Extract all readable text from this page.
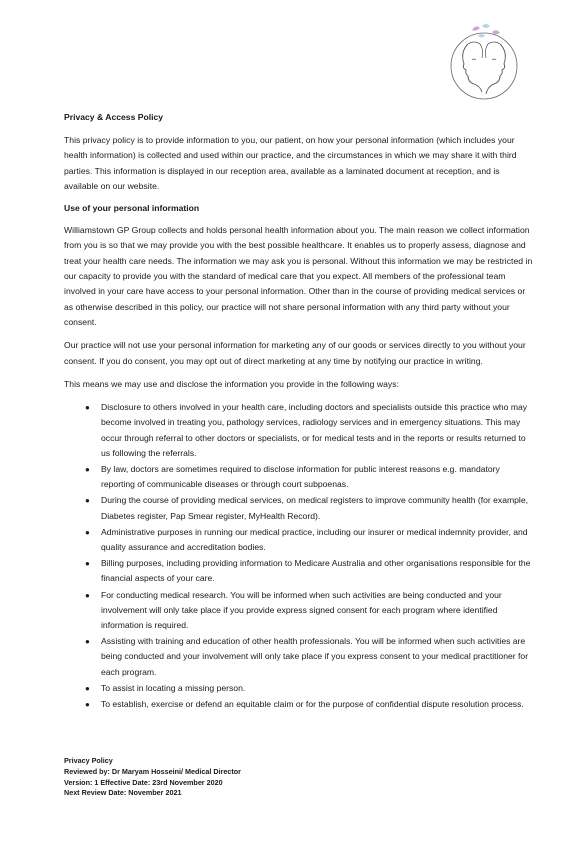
Privacy & Access Policy

This privacy policy is to provide information to you, our patient, on how your personal information (which includes your health information) is collected and used within our practice, and the circumstances in which we may share it with third parties. This information is displayed in our reception area, available as a laminated document at reception, and is available on our website.

Use of your personal information

Williamstown GP Group collects and holds personal health information about you. The main reason we collect information from you is so that we may provide you with the best possible healthcare. It enables us to properly assess, diagnose and treat your health care needs. The information we may ask you is personal. Without this information we may be restricted in our capacity to provide you with the standard of medical care that you expect. All members of the professional team involved in your care have access to your personal information. Other than in the course of providing medical services or as otherwise described in this policy, our practice will not share personal information with any third party without your consent.

Our practice will not use your personal information for marketing any of our goods or services directly to you without your consent. If you do consent, you may opt out of direct marketing at any time by notifying our practice in writing.

This means we may use and disclose the information you provide in the following ways:

● Disclosure to others involved in your health care, including doctors and specialists outside this practice who may become involved in treating you, pathology services, radiology services and in emergency situations. This may occur through referral to other doctors or specialists, or for medical tests and in the reports or results returned to us following the referrals.
● By law, doctors are sometimes required to disclose information for public interest reasons e.g. mandatory reporting of communicable diseases or through court subpoenas.
● During the course of providing medical services, on medical registers to improve community health (for example, Diabetes register, Pap Smear register, MyHealth Record).
● Administrative purposes in running our medical practice, including our insurer or medical indemnity provider, and quality assurance and accreditation bodies.
● Billing purposes, including providing information to Medicare Australia and other organisations responsible for the financial aspects of your care.
● For conducting medical research. You will be informed when such activities are being conducted and your involvement will only take place if you provide express signed consent for each program where identified information is required.
● Assisting with training and education of other health professionals. You will be informed when such activities are being conducted and your involvement will only take place if you express consent to your medical practitioner for each program.
● To assist in locating a missing person.
● To establish, exercise or defend an equitable claim or for the purpose of confidential dispute resolution process.
Privacy Policy
Reviewed by: Dr Maryam Hosseini/ Medical Director
Version: 1 Effective Date: 23rd November 2020
Next Review Date: November 2021
